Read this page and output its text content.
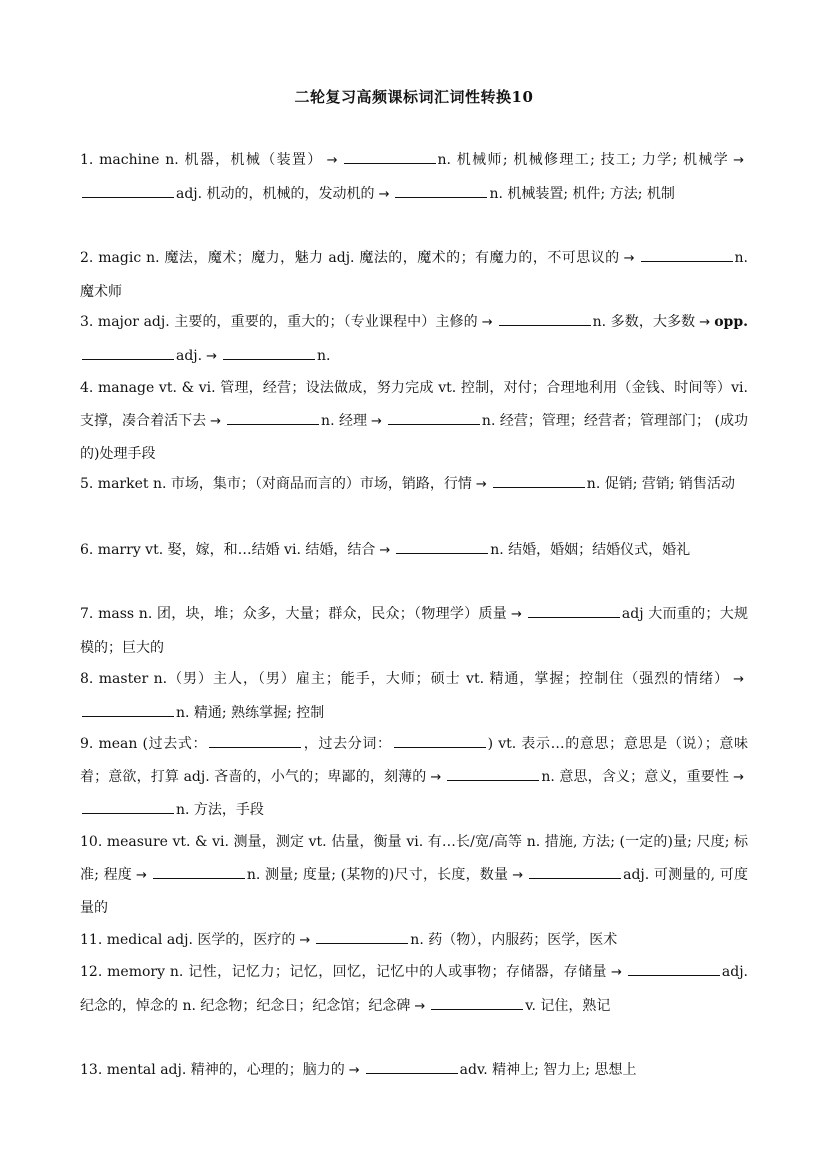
二轮复习高频课标词汇词性转换10
1. machine n. 机器，机械（装置） →	n. 机械师; 机械修理工; 技工; 力学; 机械学 →adj. 机动的，机械的，发动机的 →	n. 机械装置; 机件; 方法; 机制
2. magic n. 魔法，魔术；魔力，魅力 adj. 魔法的，魔术的；有魔力的，不可思议的 →	n. 魔术师
3. major adj. 主要的，重要的，重大的；（专业课程中）主修的 →	n. 多数，大多数 → opp.adj. →	n.
4. manage vt. & vi. 管理，经营；设法做成，努力完成 vt. 控制，对付；合理地利用（金钱、时间等）vi. 支撑，凑合着活下去 →	n. 经理 →	n. 经营；管理；经营者；管理部门； (成功的)处理手段
5. market n. 市场，集市；（对商品而言的）市场，销路，行情 →	n. 促销; 营销; 销售活动
6. marry vt. 娶，嫁，和…结婚 vi. 结婚，结合 →	n. 结婚，婚姻；结婚仪式，婚礼
7. mass n. 团，块，堆；众多，大量；群众，民众；（物理学）质量 →	adj 大而重的；大规模的；巨大的
8. master n.（男）主人，（男）雇主；能手，大师；硕士 vt. 精通，掌握；控制住（强烈的情绪） →n. 精通; 熟练掌握; 控制
9. mean (过去式：	，过去分词：	) vt. 表示…的意思；意思是（说）；意味着；意欲，打算 adj. 吝啬的，小气的；卑鄙的，刻薄的 →	n. 意思，含义；意义，重要性 →n. 方法，手段
10. measure vt. & vi. 测量，测定 vt. 估量，衡量 vi. 有…长/宽/高等 n. 措施, 方法; (一定的)量; 尺度; 标准; 程度 →	n. 测量; 度量; (某物的)尺寸，长度，数量 →	adj. 可测量的, 可度量的
11. medical adj. 医学的，医疗的 →	n. 药（物），内服药；医学，医术
12. memory n. 记性，记忆力；记忆，回忆，记忆中的人或事物；存储器，存储量 →	adj. 纪念的，悼念的 n. 纪念物；纪念日；纪念馆；纪念碑 →	v. 记住，熟记
13. mental adj. 精神的，心理的；脑力的 →	adv. 精神上; 智力上; 思想上
